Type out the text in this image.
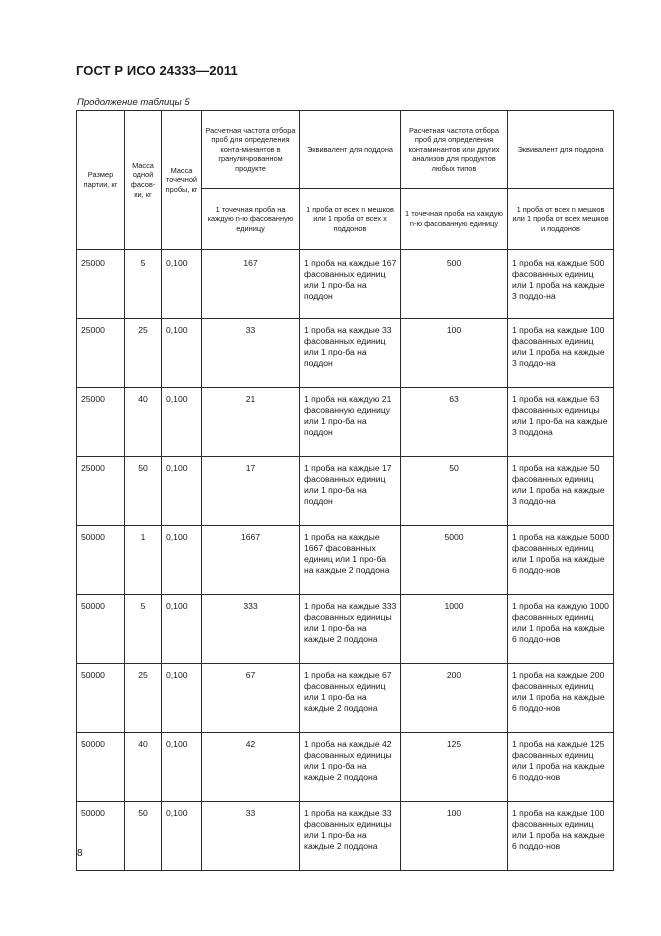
ГОСТ Р ИСО 24333—2011
Продолжение таблицы 5
Размер партии, кг	Масса одной фасов-ки, кг	Масса точечной пробы, кг	Расчетная частота отбора проб для определения конта-минантов в грануличрованном продукте	Эквивалент для поддона	Расчетная частота отбора проб для определения контаминантов или других анализов для продуктов любых типов	Эквивалент для поддона
			1 точечная проба на каждую n-ю фасованную единицу	1 проба от всех n мешков или 1 проба от всех x поддонов	1 точечная проба на каждую n-ю фасованную единицу	1 проба от всех n мешков или 1 проба от всех мешков и поддонов
25000	5	0,100	167	1 проба на каждые 167 фасованных единиц или 1 про-ба на поддон	500	1 проба на каждые 500 фасованных единиц или 1 проба на каждые 3 поддо-на
25000	25	0,100	33	1 проба на каждые 33 фасованных единиц или 1 про-ба на поддон	100	1 проба на каждые 100 фасованных единиц или 1 проба на каждые 3 поддо-на
25000	40	0,100	21	1 проба на каждую 21 фасованную единицу или 1 про-ба на поддон	63	1 проба на каждые 63 фасованных единицы или 1 про-ба на каждые 3 поддона
25000	50	0,100	17	1 проба на каждые 17 фасованных единиц или 1 про-ба на поддон	50	1 проба на каждые 50 фасованных единиц или 1 проба на каждые 3 поддо-на
50000	1	0,100	1667	1 проба на каждые 1667 фасованных единиц или 1 про-ба на каждые 2 поддона	5000	1 проба на каждые 5000 фасованных единиц или 1 проба на каждые 6 поддо-нов
50000	5	0,100	333	1 проба на каждые 333 фасованных единицы или 1 про-ба на каждые 2 поддона	1000	1 проба на каждую 1000 фасованных единиц или 1 проба на каждые 6 поддо-нов
50000	25	0,100	67	1 проба на каждые 67 фасованных единиц или 1 про-ба на каждые 2 поддона	200	1 проба на каждые 200 фасованных единиц или 1 проба на каждые 6 поддо-нов
50000	40	0,100	42	1 проба на каждые 42 фасованных единицы или 1 про-ба на каждые 2 поддона	125	1 проба на каждые 125 фасованных единиц или 1 проба на каждые 6 поддо-нов
50000	50	0,100	33	1 проба на каждые 33 фасованных единицы или 1 про-ба на каждые 2 поддона	100	1 проба на каждые 100 фасованных единиц или 1 проба на каждые 6 поддо-нов
8
